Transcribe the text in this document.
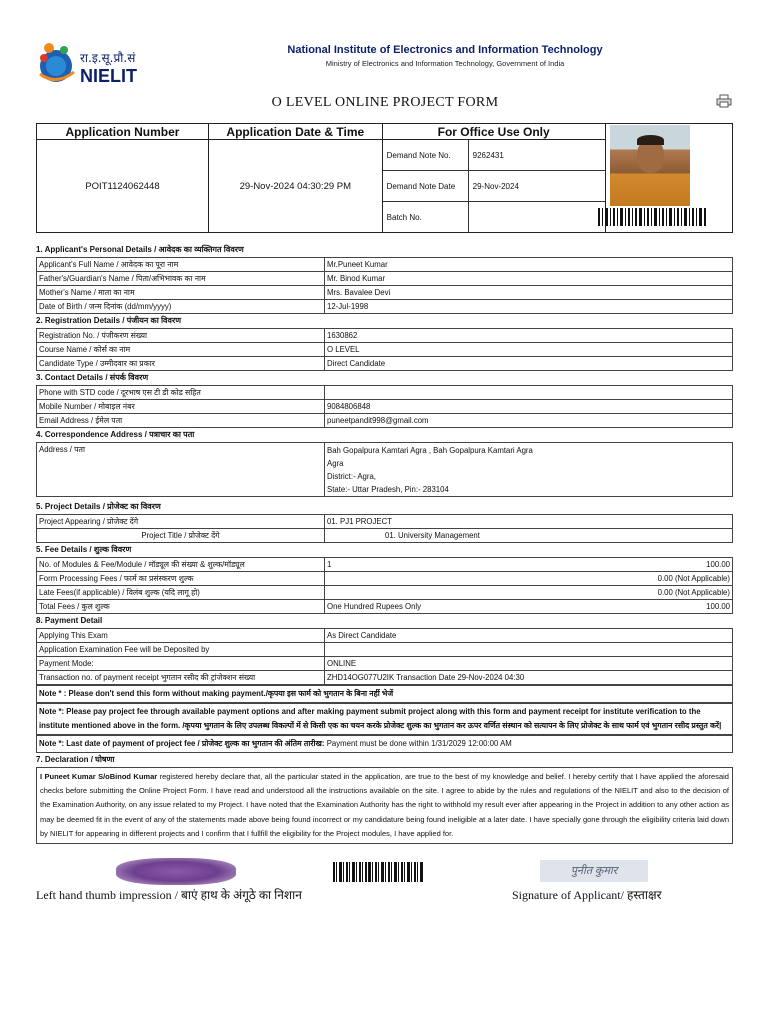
रा.इ.सू.प्रौ.सं
NIELIT
National Institute of Electronics and Information Technology
Ministry of Electronics and Information Technology, Government of India
O LEVEL ONLINE PROJECT FORM
Application Number	Application Date & Time	For Office Use Only	

POIT1124062448	29-Nov-2024 04:30:29 PM	
Demand Note No.	9262431
Demand Note Date	29-Nov-2024
Batch No.	
1. Applicant's Personal Details / आवेदक का व्यक्तिगत विवरण
Applicant's Full Name / आवेदक का पूरा नाम	Mr.Puneet Kumar
Father's/Guardian's Name / पिता/अभिभावक का नाम	Mr. Binod Kumar
Mother's Name / माता का नाम	Mrs. Bavalee Devi
Date of Birth / जन्म दिनांक (dd/mm/yyyy)	12-Jul-1998
2. Registration Details / पंजीयन का विवरण
Registration No. / पंजीकरण संख्या	1630862
Course Name / कोर्स का नाम	O LEVEL
Candidate Type / उम्मीदवार का प्रकार	Direct Candidate
3. Contact Details / संपर्क विवरण
Phone with STD code / दूरभाष एस टी डी कोड सहित	
Mobile Number / मोबाइल नंबर	9084806848
Email Address / ईमेल पता	puneetpandit998@gmail.com
4. Correspondence Address / पत्राचार का पता
Address / पता	Bah Gopalpura Kamtari Agra , Bah Gopalpura Kamtari Agra
Agra
District:- Agra,
State:- Uttar Pradesh, Pin:- 283104
5. Project Details / प्रोजेक्ट का विवरण
Project Appearing / प्रोजेक्ट देंगे	01. PJ1 PROJECT
Project Title / प्रोजेक्ट देंगे	01. University Management
5. Fee Details / शुल्क विवरण
No. of Modules & Fee/Module / मॉड्यूल की संख्या & शुल्क/मॉड्यूल	1	100.00
Form Processing Fees / फार्म का प्रसंस्करण शुल्क		0.00 (Not Applicable)
Late Fees(if applicable) / विलंब शुल्क (यदि लागू हो)		0.00 (Not Applicable)
Total Fees / कुल शुल्क	One Hundred Rupees Only	100.00
8. Payment Detail
Applying This Exam	As Direct Candidate
Application Examination Fee will be Deposited by	
Payment Mode:	ONLINE
Transaction no. of payment receipt भुगतान रसीद की ट्रांजेक्शन संख्या	ZHD14OG077U2IK Transaction Date 29-Nov-2024 04:30
Note * : Please don't send this form without making payment./कृपया इस फार्म को भुगतान के बिना नहीं भेजें
Note *: Please pay project fee through available payment options and after making payment submit project along with this form and payment receipt for institute verification to the institute mentioned above in the form. /कृपया भुगतान के लिए उपलब्ध विकल्पों में से किसी एक का चयन करके प्रोजेक्ट शुल्क का भुगतान कर ऊपर वर्णित संस्थान को सत्यापन के लिए प्रोजेक्ट के साथ फार्म एवं भुगतान रसीद प्रस्तुत करें|
Note *: Last date of payment of project fee / प्रोजेक्ट शुल्क का भुगतान की अंतिम तारीख: Payment must be done within 1/31/2029 12:00:00 AM
7. Declaration / घोषणा
I Puneet Kumar S/oBinod Kumar registered hereby declare that, all the particular stated in the application, are true to the best of my knowledge and belief. I hereby certify that I have applied the aforesaid checks before submitting the Online Project Form. I have read and understood all the instructions available on the site. I agree to abide by the rules and regulations of the NIELIT and also to the decision of the Examination Authority, on any issue related to my Project. I have noted that the Examination Authority has the right to withhold my result ever after appearing in the Project in addition to any other action as may be deemed fit in the event of any of the statements made above being found incorrect or my candidature being found ineligible at a later date. I have specially gone through the eligibility criteria laid down by NIELIT for appearing in different projects and I confirm that I fullfill the eligibility for the Project modules, I have applied for.
पुनीत कुमार
Left hand thumb impression / बाएं हाथ के अंगूठे का निशान	Signature of Applicant/ हस्ताक्षर
